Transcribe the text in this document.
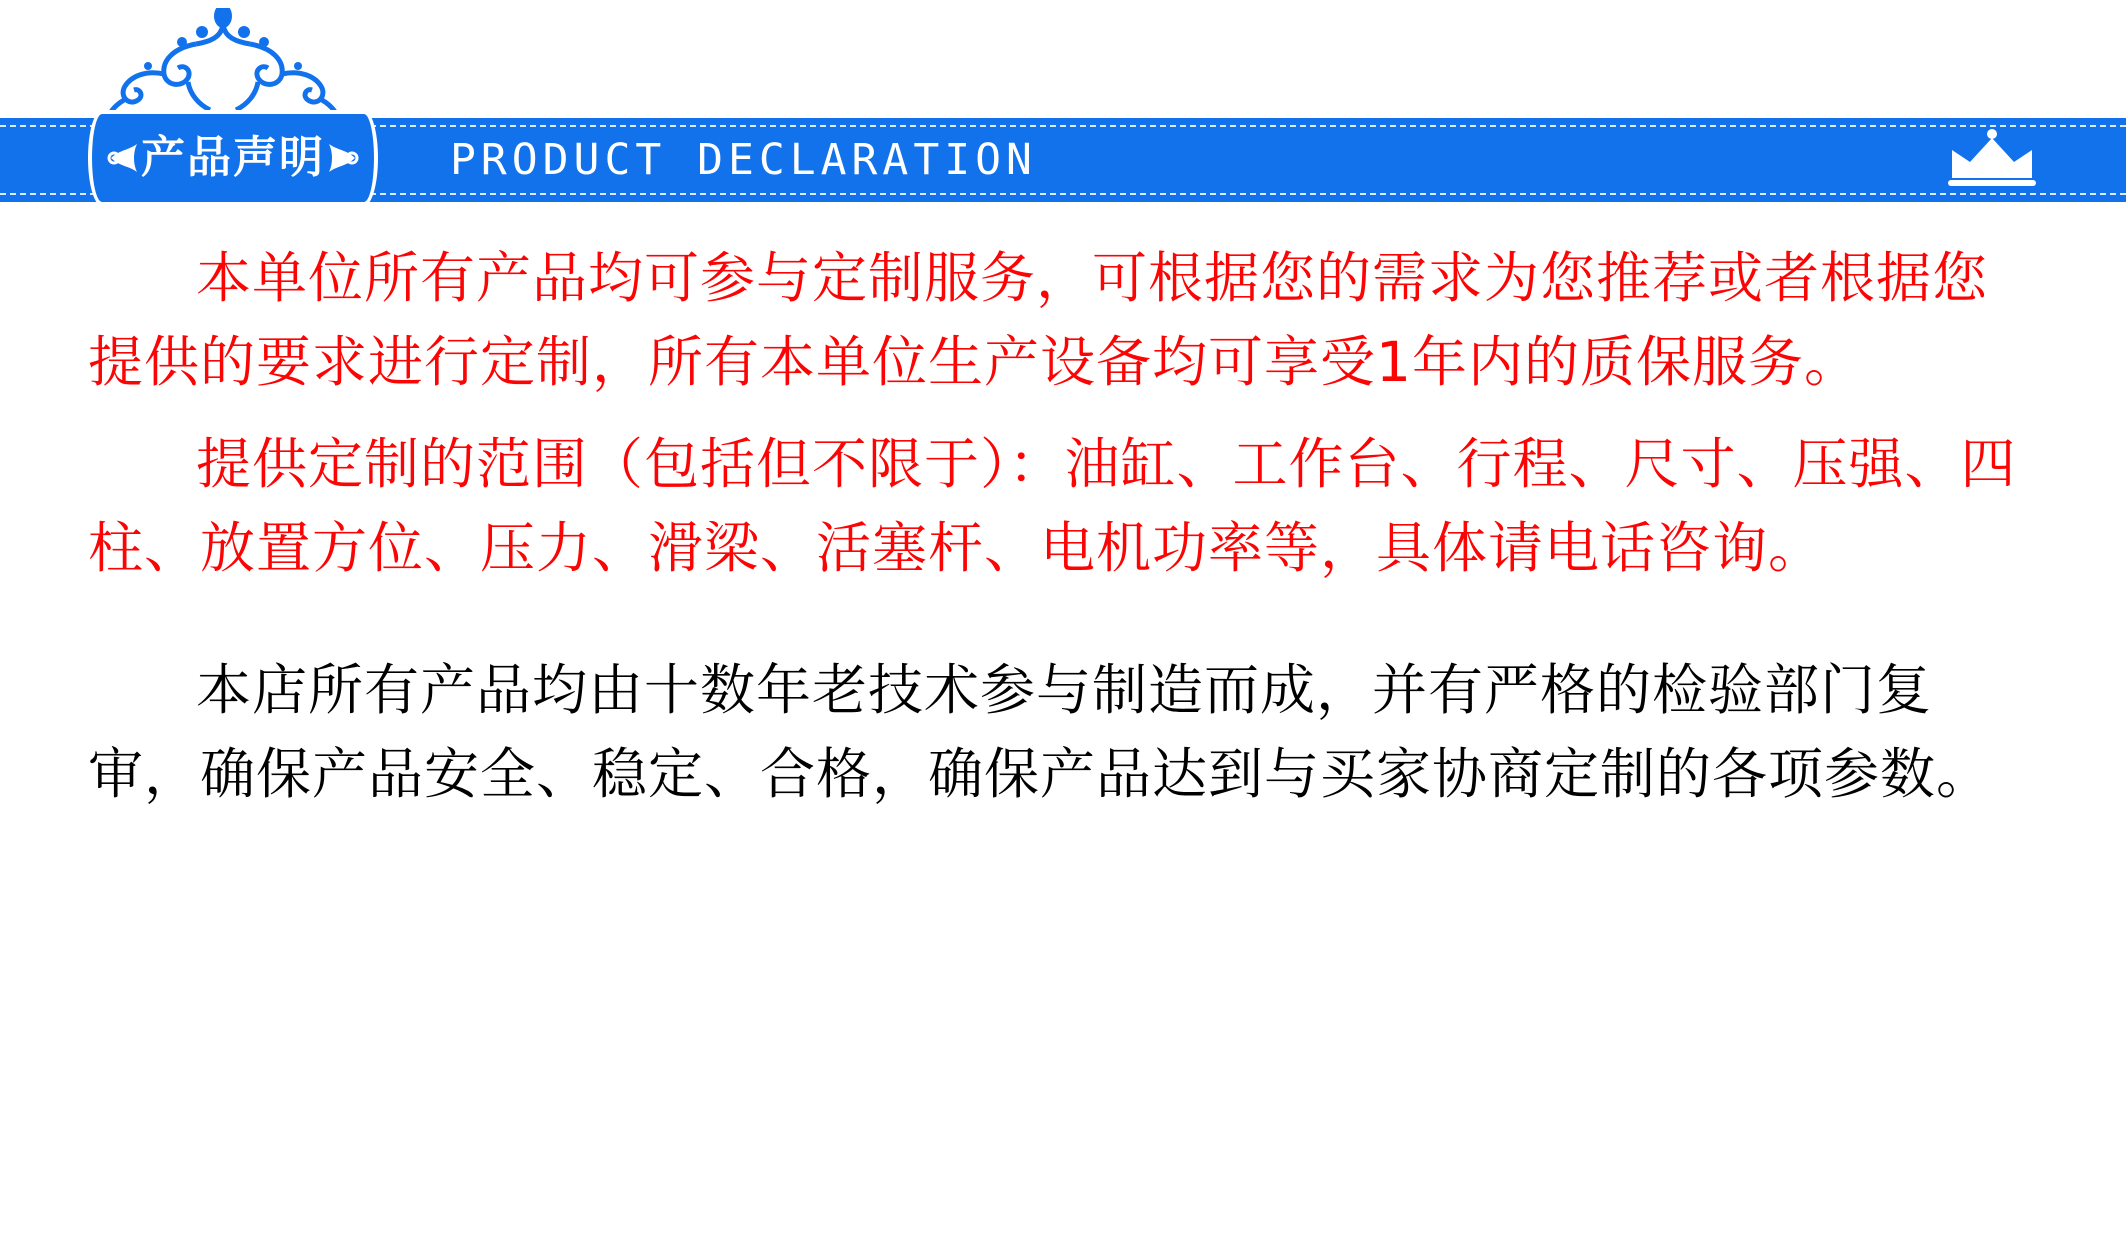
产品声明	PRODUCT DECLARATION

本单位所有产品均可参与定制服务，可根据您的需求为您推荐或者根据您提供的要求进行定制，所有本单位生产设备均可享受1年内的质保服务。

提供定制的范围（包括但不限于）：油缸、工作台、行程、尺寸、压强、四柱、放置方位、压力、滑梁、活塞杆、电机功率等，具体请电话咨询。

本店所有产品均由十数年老技术参与制造而成，并有严格的检验部门复审，确保产品安全、稳定、合格，确保产品达到与买家协商定制的各项参数。
